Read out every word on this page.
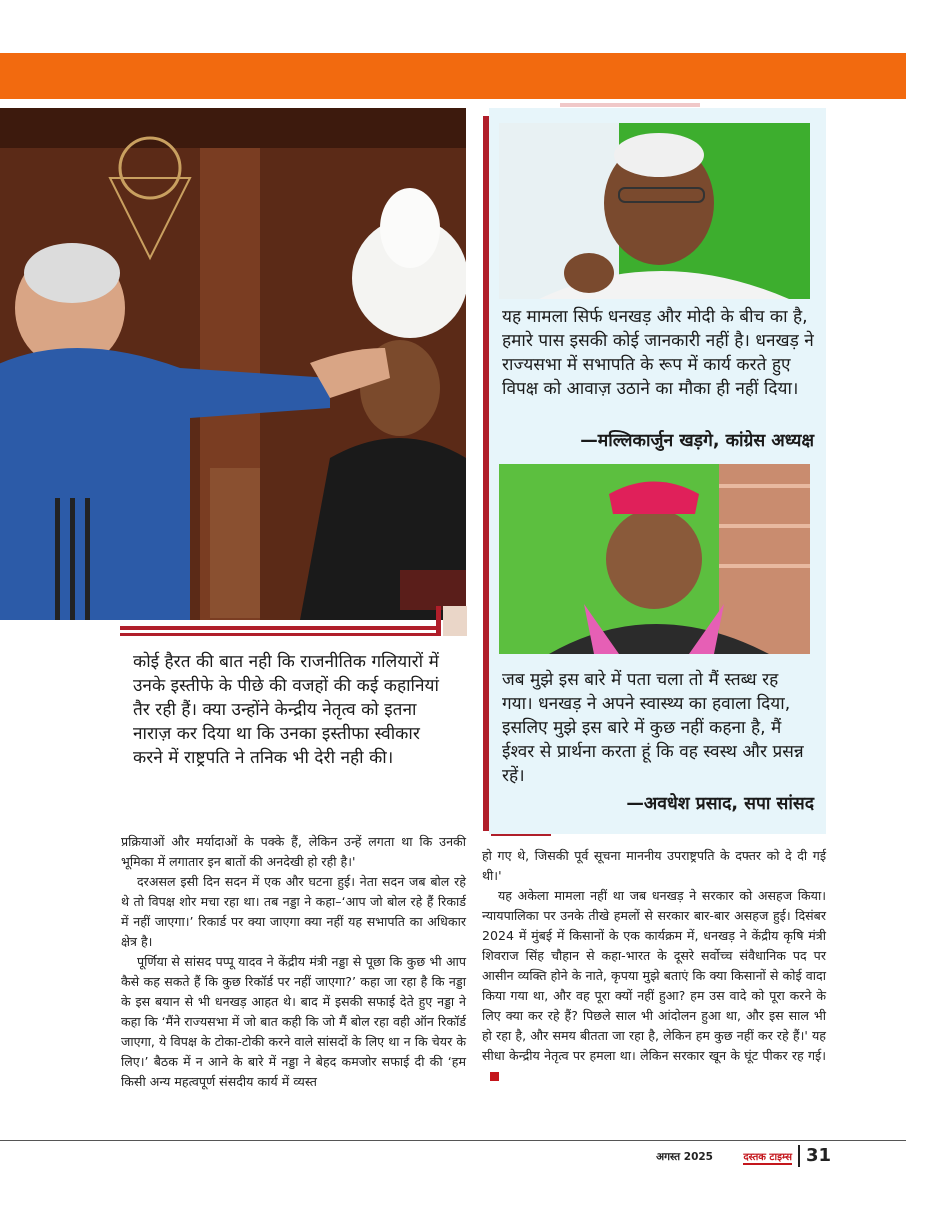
कोई हैरत की बात नही कि राजनीतिक गलियारों में उनके इस्तीफे के पीछे की वजहों की कई कहानियां तैर रही हैं। क्या उन्होंने केन्द्रीय नेतृत्व को इतना नाराज़ कर दिया था कि उनका इस्तीफा स्वीकार करने में राष्ट्रपति ने तनिक भी देरी नही की।
यह मामला सिर्फ धनखड़ और मोदी के बीच का है, हमारे पास इसकी कोई जानकारी नहीं है। धनखड़ ने राज्यसभा में सभापति के रूप में कार्य करते हुए विपक्ष को आवाज़ उठाने का मौका ही नहीं दिया।
—मल्लिकार्जुन खड़गे, कांग्रेस अध्यक्ष
जब मुझे इस बारे में पता चला तो मैं स्तब्ध रह गया। धनखड़ ने अपने स्वास्थ्य का हवाला दिया, इसलिए मुझे इस बारे में कुछ नहीं कहना है, मैं ईश्वर से प्रार्थना करता हूं कि वह स्वस्थ और प्रसन्न रहें।
—अवधेश प्रसाद, सपा सांसद

प्रक्रियाओं और मर्यादाओं के पक्के हैं, लेकिन उन्हें लगता था कि उनकी भूमिका में लगातार इन बातों की अनदेखी हो रही है।'

दरअसल इसी दिन सदन में एक और घटना हुई। नेता सदन जब बोल रहे थे तो विपक्ष शोर मचा रहा था। तब नड्डा ने कहा–‘आप जो बोल रहे हैं रिकार्ड में नहीं जाएगा।’ रिकार्ड पर क्या जाएगा क्या नहीं यह सभापति का अधिकार क्षेत्र है।

पूर्णिया से सांसद पप्पू यादव ने केंद्रीय मंत्री नड्डा से पूछा कि कुछ भी आप कैसे कह सकते हैं कि कुछ रिकॉर्ड पर नहीं जाएगा?’ कहा जा रहा है कि नड्डा के इस बयान से भी धनखड़ आहत थे। बाद में इसकी सफाई देते हुए नड्डा ने कहा कि ‘मैंने राज्यसभा में जो बात कही कि जो मैं बोल रहा वही ऑन रिकॉर्ड जाएगा, ये विपक्ष के टोका-टोकी करने वाले सांसदों के लिए था न कि चेयर के लिए।’ बैठक में न आने के बारे में नड्डा ने बेहद कमजोर सफाई दी की ‘हम किसी अन्य महत्वपूर्ण संसदीय कार्य में व्यस्त

हो गए थे, जिसकी पूर्व सूचना माननीय उपराष्ट्रपति के दफ्तर को दे दी गई थी।'

यह अकेला मामला नहीं था जब धनखड़ ने सरकार को असहज किया। न्यायपालिका पर उनके तीखे हमलों से सरकार बार-बार असहज हुई। दिसंबर 2024 में मुंबई में किसानों के एक कार्यक्रम में, धनखड़ ने केंद्रीय कृषि मंत्री शिवराज सिंह चौहान से कहा-भारत के दूसरे सर्वोच्च संवैधानिक पद पर आसीन व्यक्ति होने के नाते, कृपया मुझे बताएं कि क्या किसानों से कोई वादा किया गया था, और वह पूरा क्यों नहीं हुआ? हम उस वादे को पूरा करने के लिए क्या कर रहे हैं? पिछले साल भी आंदोलन हुआ था, और इस साल भी हो रहा है, और समय बीतता जा रहा है, लेकिन हम कुछ नहीं कर रहे हैं।' यह सीधा केन्द्रीय नेतृत्व पर हमला था। लेकिन सरकार खून के घूंट पीकर रह गई।

अगस्त 2025	दस्तक टाइम्स 31
